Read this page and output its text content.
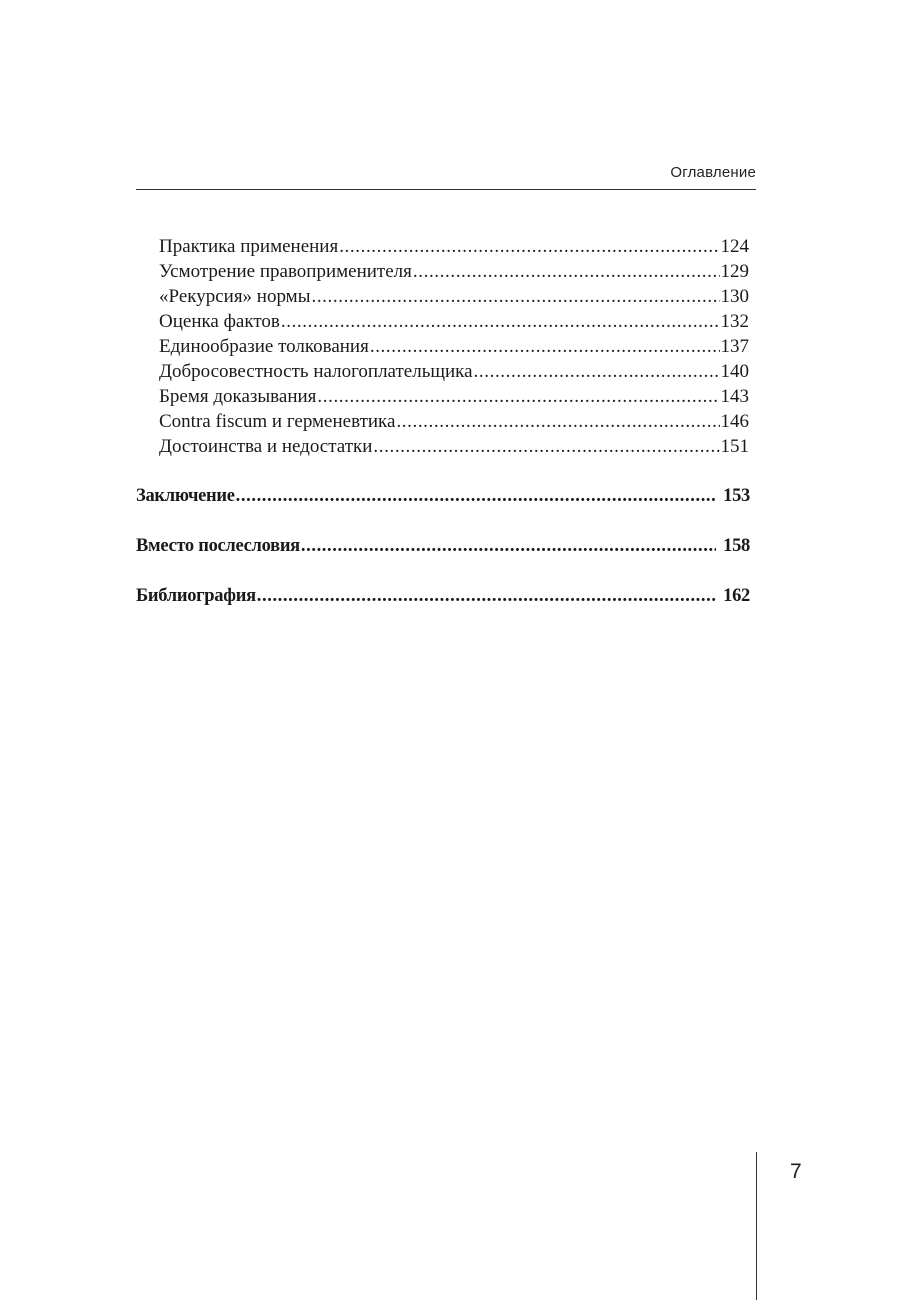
Оглавление
Практика применения .....	124
Усмотрение правоприменителя .....	129
«Рекурсия» нормы .....	130
Оценка фактов .....	132
Единообразие толкования .....	137
Добросовестность налогоплательщика .....	140
Бремя доказывания .....	143
Contra fiscum и герменевтика .....	146
Достоинства и недостатки .....	151
Заключение .....	153
Вместо послесловия .....	158
Библиография .....	162
7
